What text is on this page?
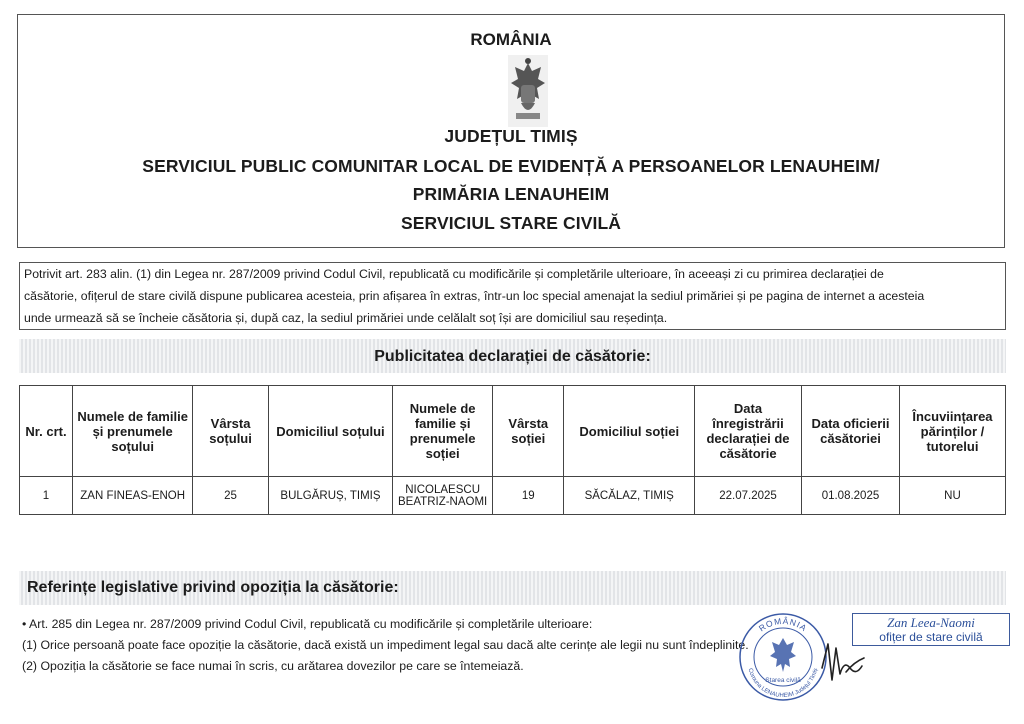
ROMÂNIA
JUDEȚUL TIMIȘ
SERVICIUL PUBLIC COMUNITAR LOCAL DE EVIDENȚĂ A PERSOANELOR LENAUHEIM/
PRIMĂRIA LENAUHEIM
SERVICIUL STARE CIVILĂ
Potrivit art. 283 alin. (1) din Legea nr. 287/2009 privind Codul Civil, republicată cu modificările și completările ulterioare, în aceeași zi cu primirea declarației de
căsătorie, ofițerul de stare civilă dispune publicarea acesteia, prin afișarea în extras, într-un loc special amenajat la sediul primăriei și pe pagina de internet a acesteia
unde urmează să se încheie căsătoria și, după caz, la sediul primăriei unde celălalt soț își are domiciliul sau reședința.
Publicitatea declarației de căsătorie:
Nr. crt.	Numele de familie și prenumele soțului	Vârsta soțului	Domiciliul soțului	Numele de familie și prenumele soției	Vârsta soției	Domiciliul soției	Data înregistrării declarației de căsătorie	Data oficierii căsătoriei	Încuviințarea părinților / tutorelui
1	ZAN FINEAS-ENOH	25	BULGĂRUȘ, TIMIȘ	NICOLAESCU BEATRIZ-NAOMI	19	SĂCĂLAZ, TIMIȘ	22.07.2025	01.08.2025	NU
Referințe legislative privind opoziția la căsătorie:
• Art. 285 din Legea nr. 287/2009 privind Codul Civil, republicată cu modificările și completările ulterioare:
(1) Orice persoană poate face opoziție la căsătorie, dacă există un impediment legal sau dacă alte cerințe ale legii nu sunt îndeplinite.
(2) Opoziția la căsătorie se face numai în scris, cu arătarea dovezilor pe care se întemeiază.
ROMÂNIA
Comuna LENAUHEIM Județul Timiș
Starea civilă
Zan Leea-Naomi
ofițer de stare civilă
